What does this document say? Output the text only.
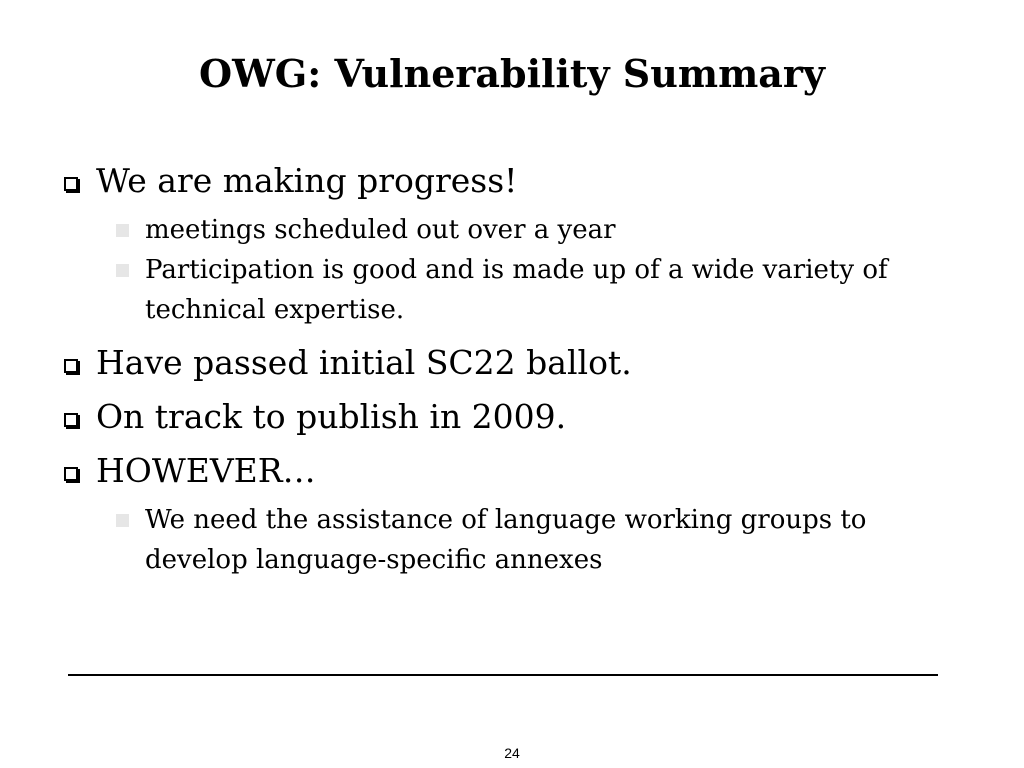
OWG: Vulnerability Summary
We are making progress!
meetings scheduled out over a year
Participation is good and is made up of a wide variety of technical expertise.
Have passed initial SC22 ballot.
On track to publish in 2009.
HOWEVER…
We need the assistance of language working groups to develop language-specific annexes
24
